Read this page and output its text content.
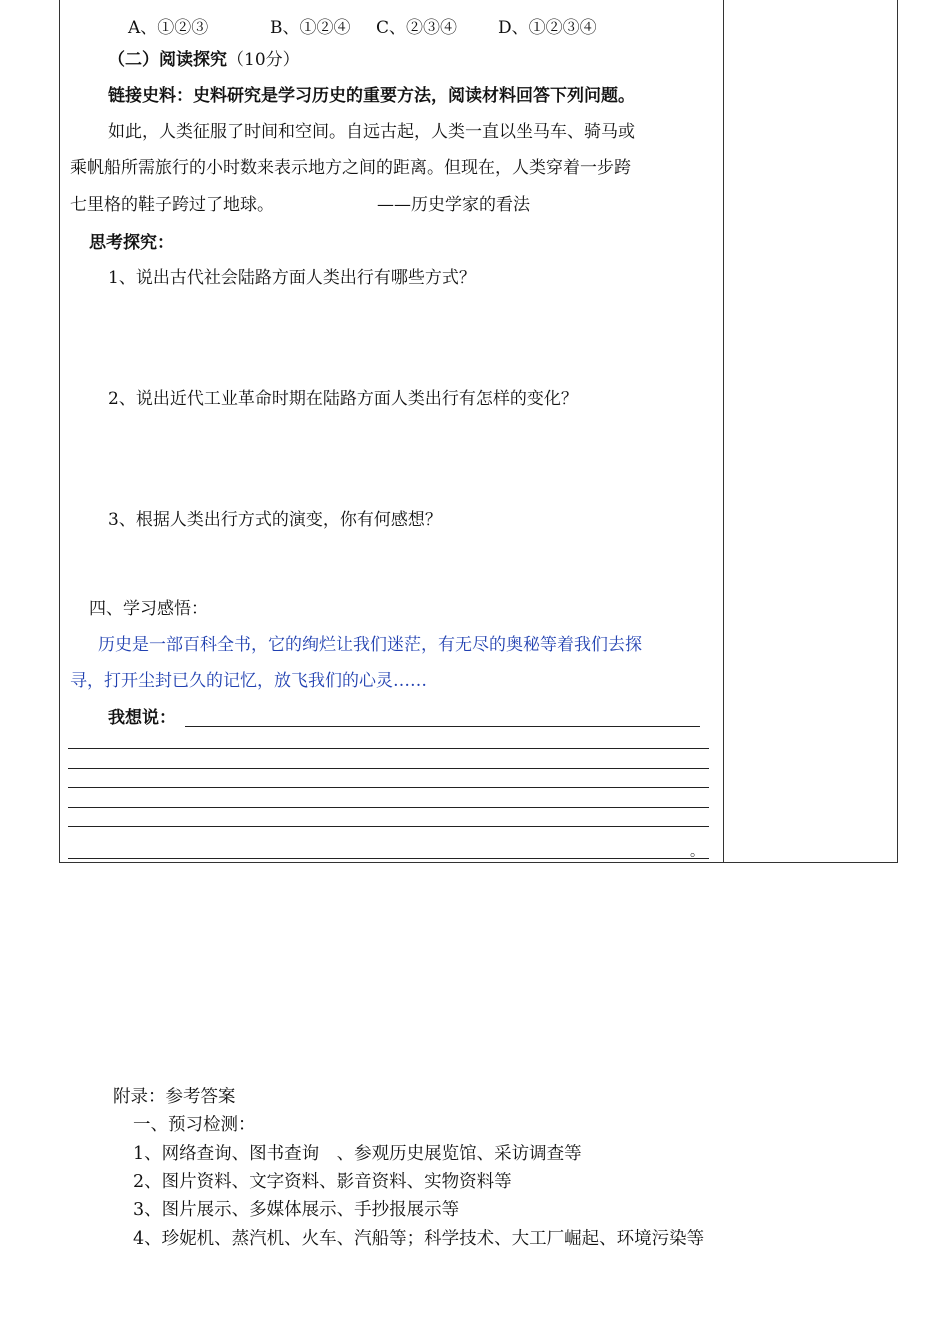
A、①②③	B、①②④ C、②③④ D、①②③④
（二）阅读探究（10分）
链接史料：史料研究是学习历史的重要方法，阅读材料回答下列问题。
如此，人类征服了时间和空间。自远古起，人类一直以坐马车、骑马或
乘帆船所需旅行的小时数来表示地方之间的距离。但现在，人类穿着一步跨
七里格的鞋子跨过了地球。	——历史学家的看法
思考探究：
1、说出古代社会陆路方面人类出行有哪些方式？
2、说出近代工业革命时期在陆路方面人类出行有怎样的变化？
3、根据人类出行方式的演变，你有何感想？
四、学习感悟：
历史是一部百科全书，它的绚烂让我们迷茫，有无尽的奥秘等着我们去探
寻，打开尘封已久的记忆，放飞我们的心灵……
我想说：
。
附录：参考答案
一、预习检测：
1、网络查询、图书查询　、参观历史展览馆、采访调查等
2、图片资料、文字资料、影音资料、实物资料等
3、图片展示、多媒体展示、手抄报展示等
4、珍妮机、蒸汽机、火车、汽船等；科学技术、大工厂崛起、环境污染等
